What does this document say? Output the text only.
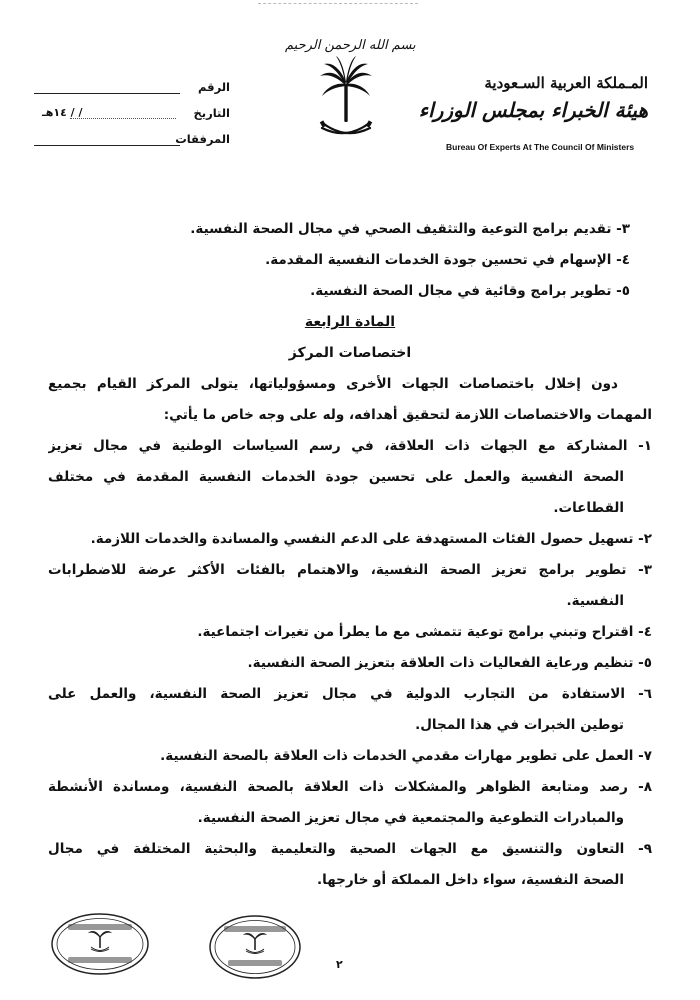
بسم الله الرحمن الرحيم
المـملكة العربية السـعودية
هيئة الخبراء بمجلس الوزراء
Bureau Of Experts At The Council Of Ministers
الرقم
التاريخ
/ / ١٤هـ
المرفقات
٣- تقديم برامج التوعية والتثقيف الصحي في مجال الصحة النفسية.
٤- الإسهام في تحسين جودة الخدمات النفسية المقدمة.
٥- تطوير برامج وقائية في مجال الصحة النفسية.
المادة الرابعة
اختصاصات المركز
دون إخلال باختصاصات الجهات الأخرى ومسؤولياتها، يتولى المركز القيام بجميع
المهمات والاختصاصات اللازمة لتحقيق أهدافه، وله على وجه خاص ما يأتي:
١- المشاركة مع الجهات ذات العلاقة، في رسم السياسات الوطنية في مجال تعزيز
الصحة النفسية والعمل على تحسين جودة الخدمات النفسية المقدمة في مختلف
القطاعات.
٢- تسهيل حصول الفئات المستهدفة على الدعم النفسي والمساندة والخدمات اللازمة.
٣- تطوير برامج تعزيز الصحة النفسية، والاهتمام بالفئات الأكثر عرضة للاضطرابات
النفسية.
٤- اقتراح وتبني برامج توعية تتمشى مع ما يطرأ من تغيرات اجتماعية.
٥- تنظيم ورعاية الفعاليات ذات العلاقة بتعزيز الصحة النفسية.
٦- الاستفادة من التجارب الدولية في مجال تعزيز الصحة النفسية، والعمل على
توطين الخبرات في هذا المجال.
٧- العمل على تطوير مهارات مقدمي الخدمات ذات العلاقة بالصحة النفسية.
٨- رصد ومتابعة الظواهر والمشكلات ذات العلاقة بالصحة النفسية، ومساندة الأنشطة
والمبادرات التطوعية والمجتمعية في مجال تعزيز الصحة النفسية.
٩- التعاون والتنسيق مع الجهات الصحية والتعليمية والبحثية المختلفة في مجال
الصحة النفسية، سواء داخل المملكة أو خارجها.
٢
